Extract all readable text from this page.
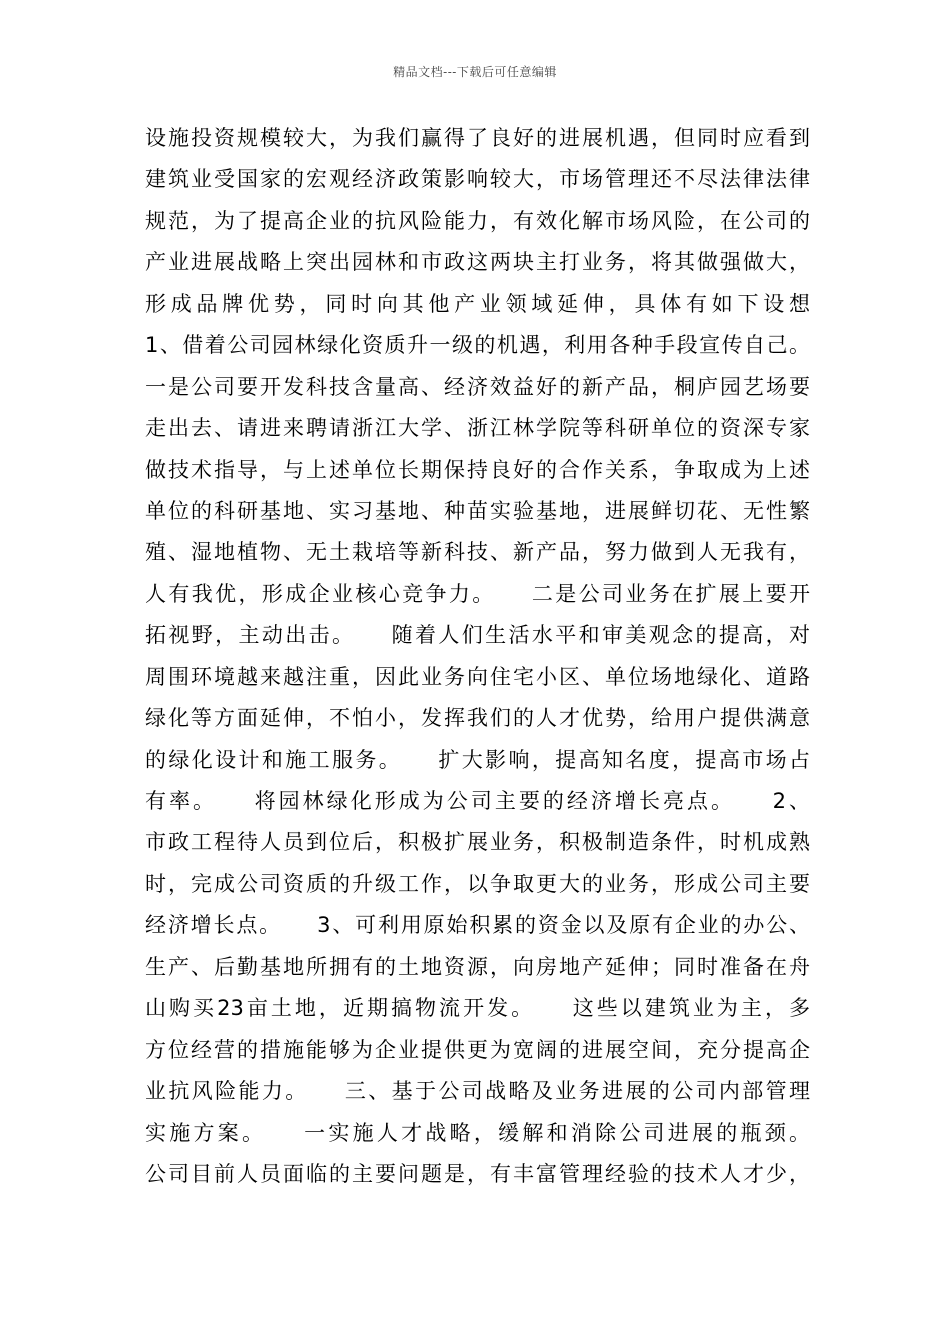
精品文档---下载后可任意编辑
设施投资规模较大，为我们赢得了良好的进展机遇，但同时应看到
建筑业受国家的宏观经济政策影响较大，市场管理还不尽法律法律
规范，为了提高企业的抗风险能力，有效化解市场风险，在公司的
产业进展战略上突出园林和市政这两块主打业务，将其做强做大，
形成品牌优势，同时向其他产业领域延伸，具体有如下设想
1、借着公司园林绿化资质升一级的机遇，利用各种手段宣传自己。
一是公司要开发科技含量高、经济效益好的新产品，桐庐园艺场要
走出去、请进来聘请浙江大学、浙江林学院等科研单位的资深专家
做技术指导，与上述单位长期保持良好的合作关系，争取成为上述
单位的科研基地、实习基地、种苗实验基地，进展鲜切花、无性繁
殖、湿地植物、无土栽培等新科技、新产品，努力做到人无我有，
人有我优，形成企业核心竞争力。　　二是公司业务在扩展上要开
拓视野，主动出击。　　随着人们生活水平和审美观念的提高，对
周围环境越来越注重，因此业务向住宅小区、单位场地绿化、道路
绿化等方面延伸，不怕小，发挥我们的人才优势，给用户提供满意
的绿化设计和施工服务。　　扩大影响，提高知名度，提高市场占
有率。　　将园林绿化形成为公司主要的经济增长亮点。　　2、
市政工程待人员到位后，积极扩展业务，积极制造条件，时机成熟
时，完成公司资质的升级工作，以争取更大的业务，形成公司主要
经济增长点。　　3、可利用原始积累的资金以及原有企业的办公、
生产、后勤基地所拥有的土地资源，向房地产延伸；同时准备在舟
山购买23亩土地，近期搞物流开发。　　这些以建筑业为主，多
方位经营的措施能够为企业提供更为宽阔的进展空间，充分提高企
业抗风险能力。　　三、基于公司战略及业务进展的公司内部管理
实施方案。　　一实施人才战略，缓解和消除公司进展的瓶颈。
公司目前人员面临的主要问题是，有丰富管理经验的技术人才少，
